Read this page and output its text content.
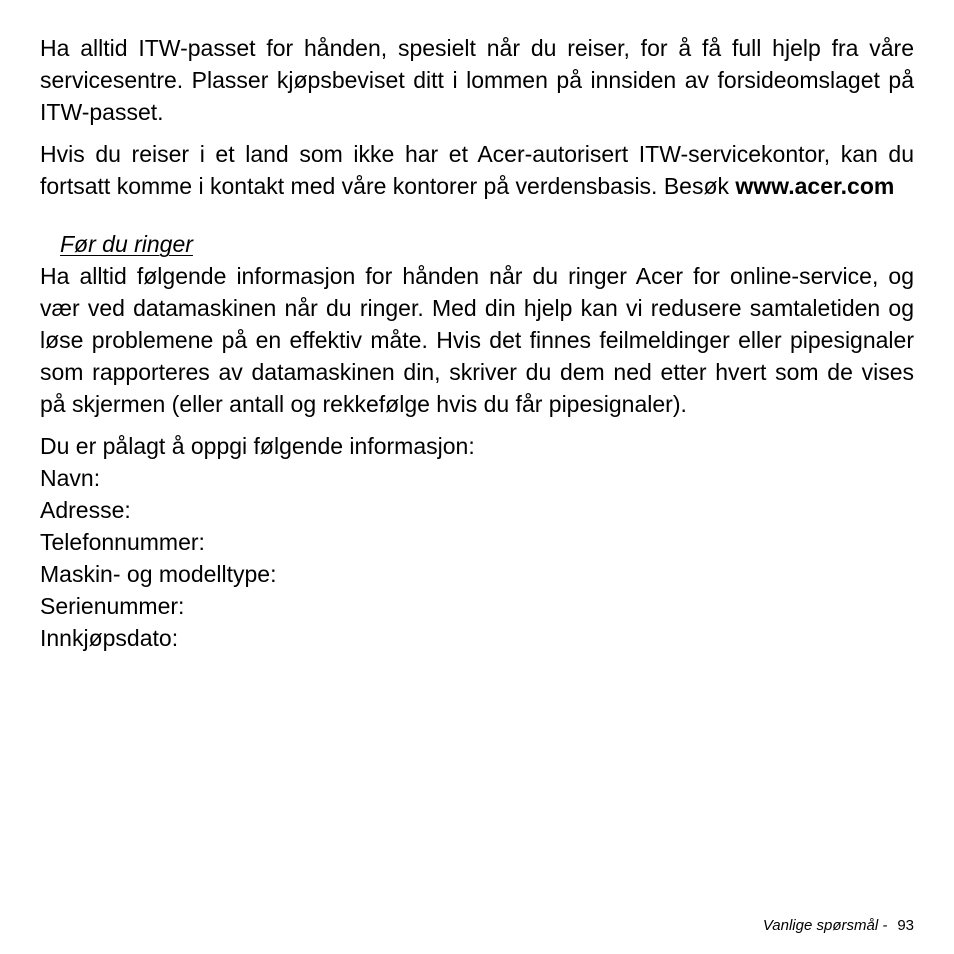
Ha alltid ITW-passet for hånden, spesielt når du reiser, for å få full hjelp fra våre servicesentre. Plasser kjøpsbeviset ditt i lommen på innsiden av forsideomslaget på ITW-passet.

Hvis du reiser i et land som ikke har et Acer-autorisert ITW-servicekontor, kan du fortsatt komme i kontakt med våre kontorer på verdensbasis. Besøk www.acer.com

Før du ringer

Ha alltid følgende informasjon for hånden når du ringer Acer for online-service, og vær ved datamaskinen når du ringer. Med din hjelp kan vi redusere samtaletiden og løse problemene på en effektiv måte. Hvis det finnes feilmeldinger eller pipesignaler som rapporteres av datamaskinen din, skriver du dem ned etter hvert som de vises på skjermen (eller antall og rekkefølge hvis du får pipesignaler).

Du er pålagt å oppgi følgende informasjon:

Navn:

Adresse:

Telefonnummer:

Maskin- og modelltype:

Serienummer:

Innkjøpsdato:

Vanlige spørsmål - 93
